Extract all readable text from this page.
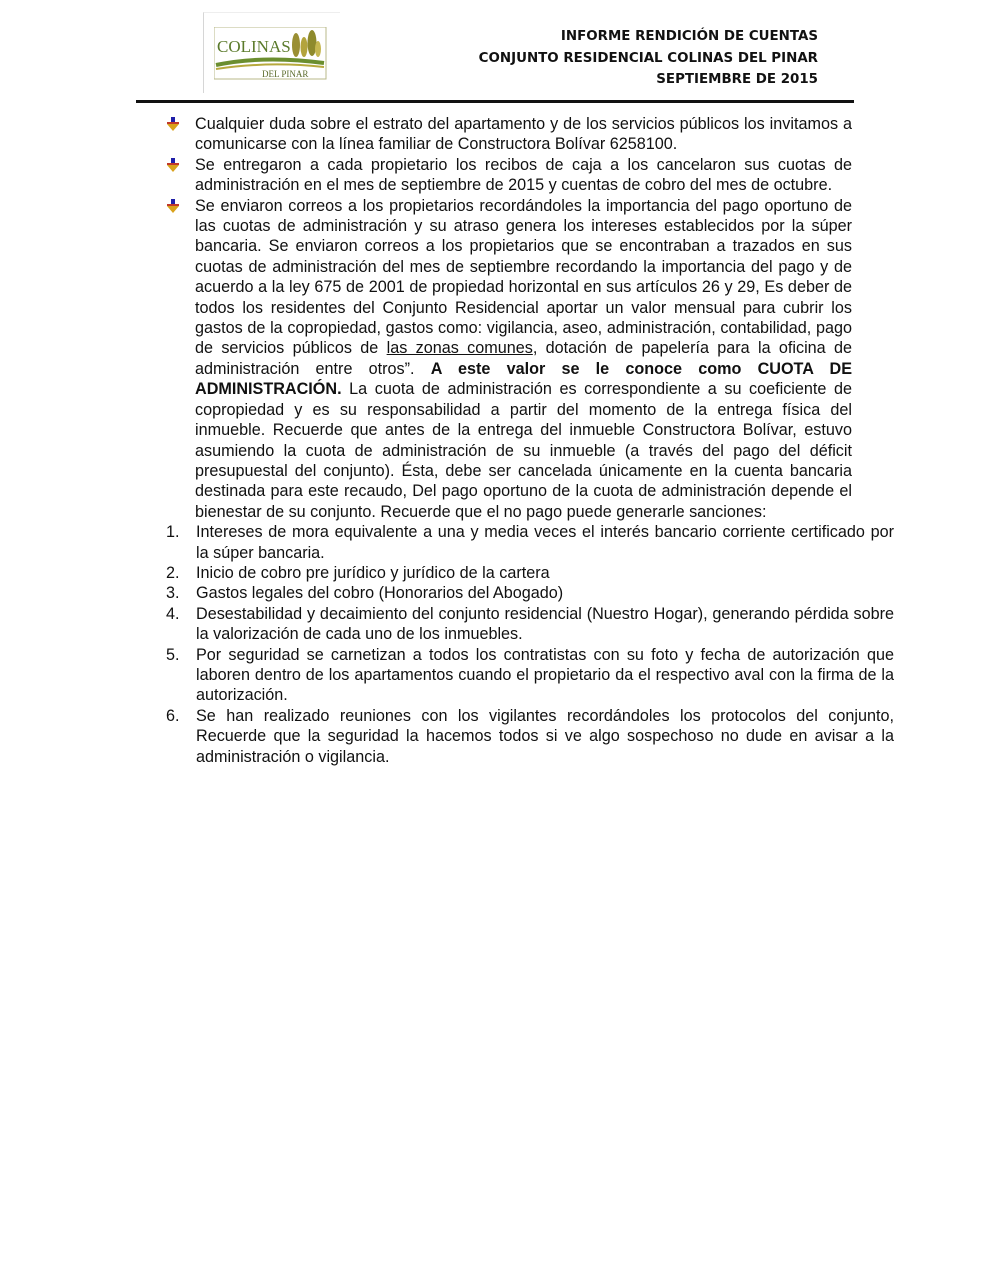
COLINAS
DEL PINAR
INFORME RENDICIÓN DE CUENTAS
CONJUNTO RESIDENCIAL COLINAS DEL PINAR
SEPTIEMBRE DE 2015
Cualquier duda sobre el estrato del apartamento y de los servicios públicos los invitamos a comunicarse con la línea familiar de Constructora Bolívar 6258100.
Se entregaron a cada propietario los recibos de caja a los cancelaron sus cuotas de administración en el mes de septiembre de 2015 y cuentas de cobro del mes de octubre.
Se enviaron correos a los propietarios recordándoles la importancia del pago oportuno de las cuotas de administración y su atraso genera los intereses establecidos por la súper bancaria. Se enviaron correos a los propietarios que se encontraban a trazados en sus cuotas de administración del mes de septiembre recordando la importancia del pago y de acuerdo a la ley 675 de 2001 de propiedad horizontal en sus artículos 26 y 29, Es deber de todos los residentes del Conjunto Residencial aportar un valor mensual para cubrir los gastos de la copropiedad, gastos como: vigilancia, aseo, administración, contabilidad, pago de servicios públicos de las zonas comunes, dotación de papelería para la oficina de administración entre otros”. A este valor se le conoce como CUOTA DE ADMINISTRACIÓN. La cuota de administración es correspondiente a su coeficiente de copropiedad y es su responsabilidad a partir del momento de la entrega física del inmueble. Recuerde que antes de la entrega del inmueble Constructora Bolívar, estuvo asumiendo la cuota de administración de su inmueble (a través del pago del déficit presupuestal del conjunto). Ésta, debe ser cancelada únicamente en la cuenta bancaria destinada para este recaudo, Del pago oportuno de la cuota de administración depende el bienestar de su conjunto. Recuerde que el no pago puede generarle sanciones:
1. Intereses de mora equivalente a una y media veces el interés bancario corriente certificado por la súper bancaria.
2. Inicio de cobro pre jurídico y jurídico de la cartera
3. Gastos legales del cobro (Honorarios del Abogado)
4. Desestabilidad y decaimiento del conjunto residencial (Nuestro Hogar), generando pérdida sobre la valorización de cada uno de los inmuebles.
5. Por seguridad se carnetizan a todos los contratistas con su foto y fecha de autorización que laboren dentro de los apartamentos cuando el propietario da el respectivo aval con la firma de la autorización.
6. Se han realizado reuniones con los vigilantes recordándoles los protocolos del conjunto, Recuerde que la seguridad la hacemos todos si ve algo sospechoso no dude en avisar a la administración o vigilancia.
